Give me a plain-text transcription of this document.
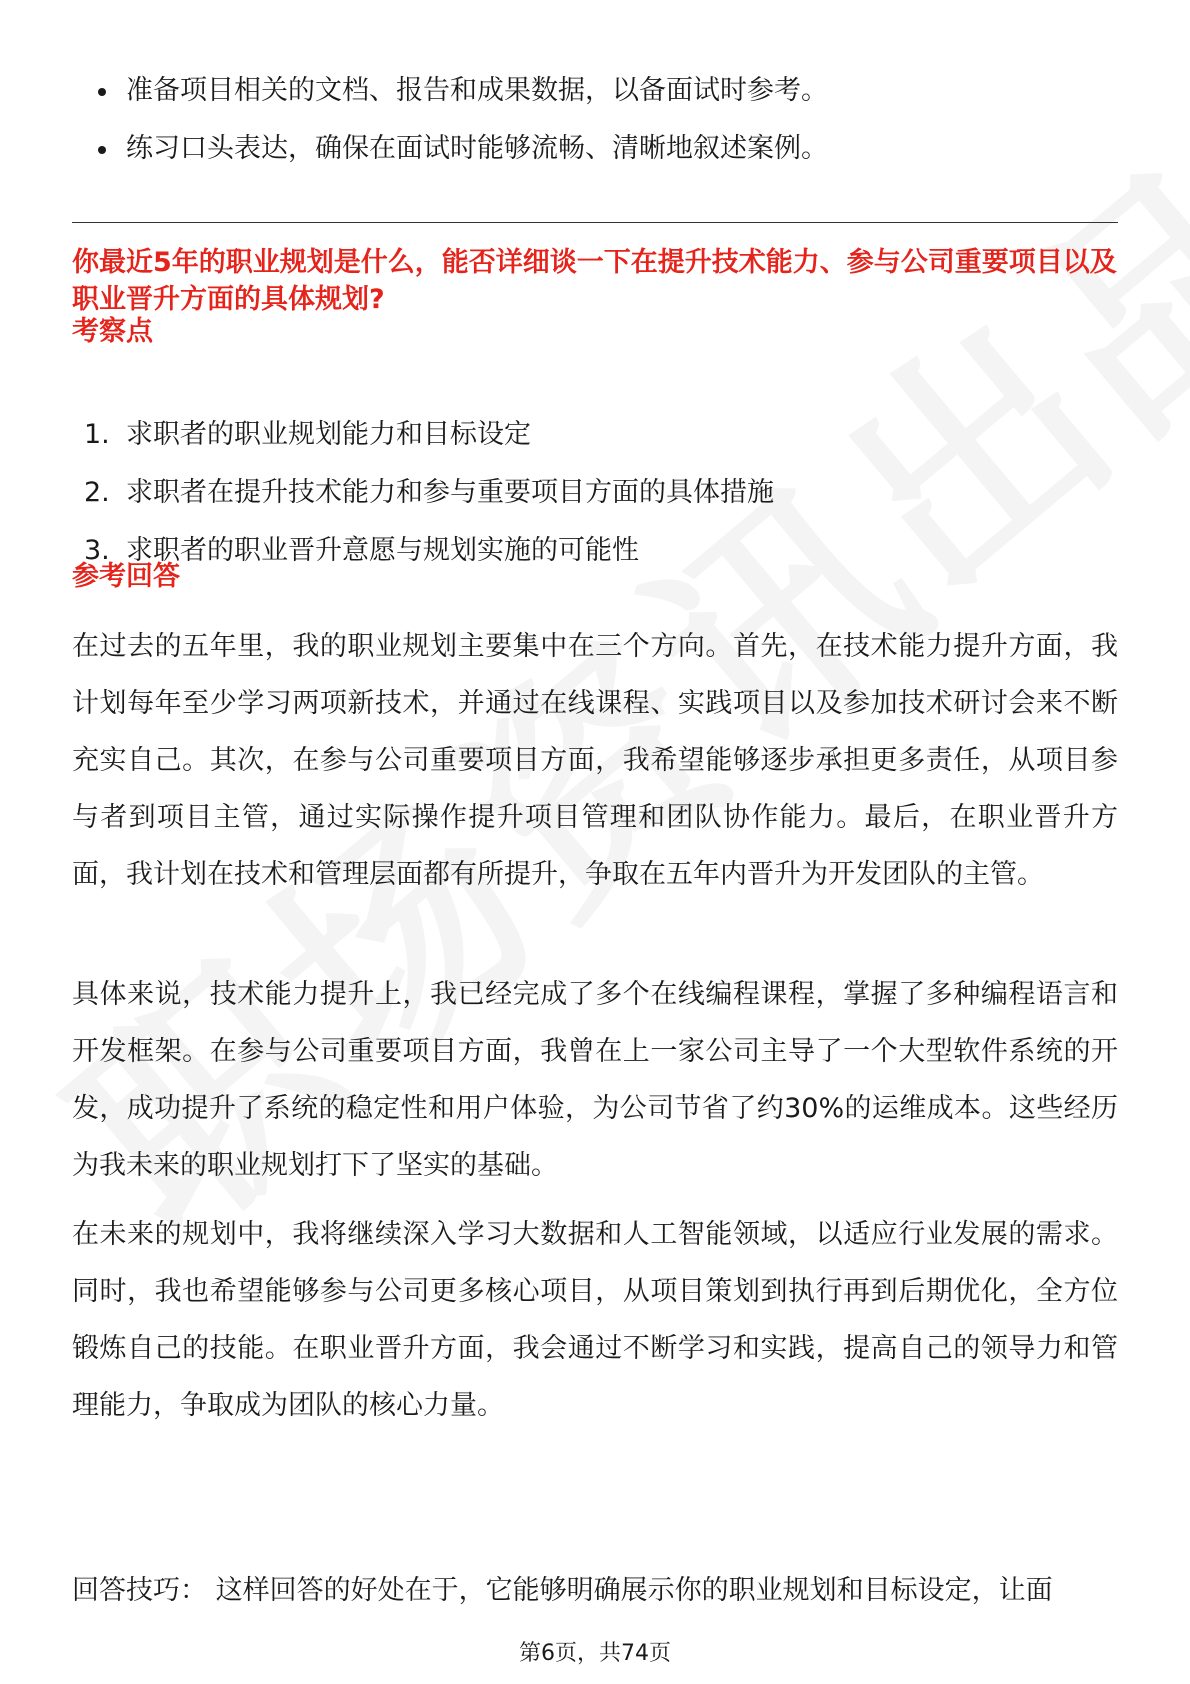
准备项目相关的文档、报告和成果数据，以备面试时参考。
练习口头表达，确保在面试时能够流畅、清晰地叙述案例。

你最近5年的职业规划是什么，能否详细谈一下在提升技术能力、参与公司重要项目以及职业晋升方面的具体规划?

考察点
1. 求职者的职业规划能力和目标设定
2. 求职者在提升技术能力和参与重要项目方面的具体措施
3. 求职者的职业晋升意愿与规划实施的可能性
参考回答

在过去的五年里，我的职业规划主要集中在三个方向。首先，在技术能力提升方面，我计划每年至少学习两项新技术，并通过在线课程、实践项目以及参加技术研讨会来不断充实自己。其次，在参与公司重要项目方面，我希望能够逐步承担更多责任，从项目参与者到项目主管，通过实际操作提升项目管理和团队协作能力。最后，在职业晋升方面，我计划在技术和管理层面都有所提升，争取在五年内晋升为开发团队的主管。

具体来说，技术能力提升上，我已经完成了多个在线编程课程，掌握了多种编程语言和开发框架。在参与公司重要项目方面，我曾在上一家公司主导了一个大型软件系统的开发，成功提升了系统的稳定性和用户体验，为公司节省了约30%的运维成本。这些经历为我未来的职业规划打下了坚实的基础。

在未来的规划中，我将继续深入学习大数据和人工智能领域，以适应行业发展的需求。同时，我也希望能够参与公司更多核心项目，从项目策划到执行再到后期优化，全方位锻炼自己的技能。在职业晋升方面，我会通过不断学习和实践，提高自己的领导力和管理能力，争取成为团队的核心力量。

回答技巧： 这样回答的好处在于，它能够明确展示你的职业规划和目标设定，让面

第6页，共74页
